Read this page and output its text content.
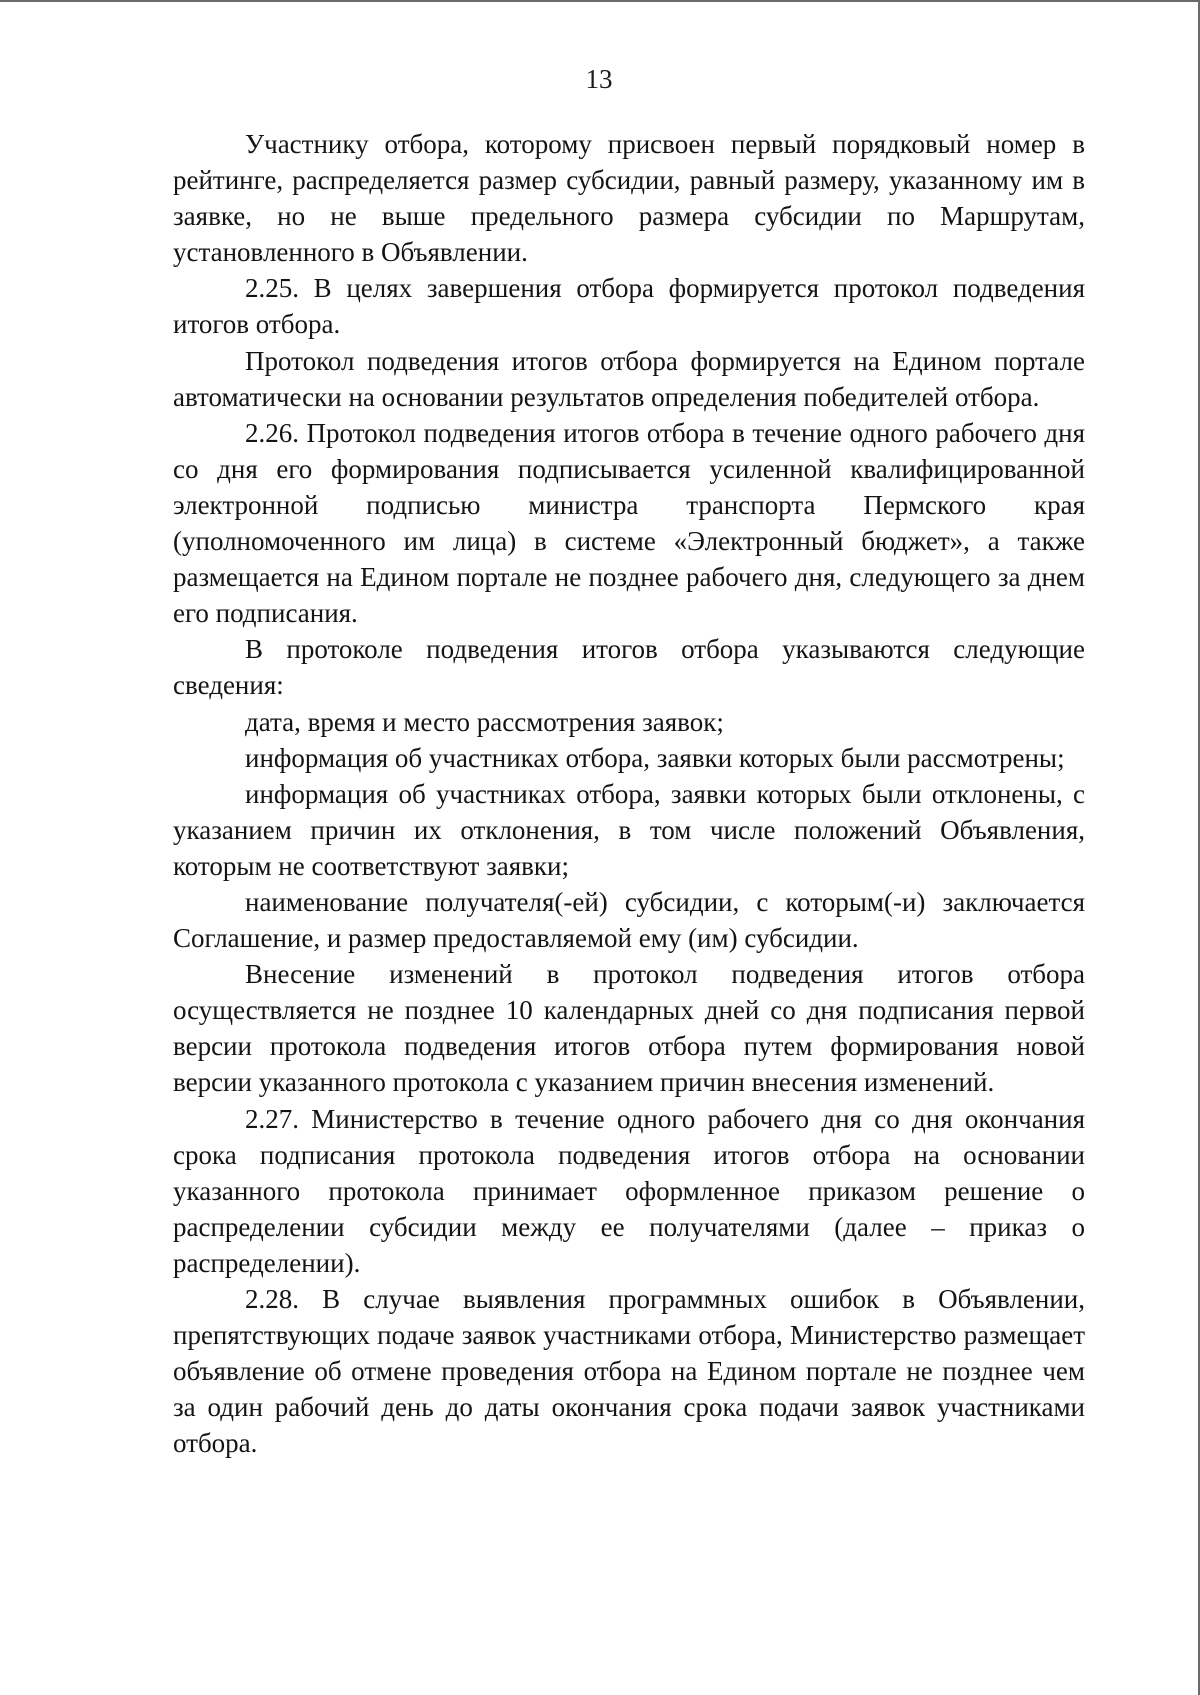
13

Участнику отбора, которому присвоен первый порядковый номер в рейтинге, распределяется размер субсидии, равный размеру, указанному им в заявке, но не выше предельного размера субсидии по Маршрутам, установленного в Объявлении.

2.25. В целях завершения отбора формируется протокол подведения итогов отбора.

Протокол подведения итогов отбора формируется на Едином портале автоматически на основании результатов определения победителей отбора.

2.26. Протокол подведения итогов отбора в течение одного рабочего дня со дня его формирования подписывается усиленной квалифицированной электронной подписью министра транспорта Пермского края (уполномоченного им лица) в системе «Электронный бюджет», а также размещается на Едином портале не позднее рабочего дня, следующего за днем его подписания.

В протоколе подведения итогов отбора указываются следующие сведения:

дата, время и место рассмотрения заявок;

информация об участниках отбора, заявки которых были рассмотрены;

информация об участниках отбора, заявки которых были отклонены, с указанием причин их отклонения, в том числе положений Объявления, которым не соответствуют заявки;

наименование получателя(-ей) субсидии, с которым(-и) заключается Соглашение, и размер предоставляемой ему (им) субсидии.

Внесение изменений в протокол подведения итогов отбора осуществляется не позднее 10 календарных дней со дня подписания первой версии протокола подведения итогов отбора путем формирования новой версии указанного протокола с указанием причин внесения изменений.

2.27. Министерство в течение одного рабочего дня со дня окончания срока подписания протокола подведения итогов отбора на основании указанного протокола принимает оформленное приказом решение о распределении субсидии между ее получателями (далее – приказ о распределении).

2.28. В случае выявления программных ошибок в Объявлении, препятствующих подаче заявок участниками отбора, Министерство размещает объявление об отмене проведения отбора на Едином портале не позднее чем за один рабочий день до даты окончания срока подачи заявок участниками отбора.
